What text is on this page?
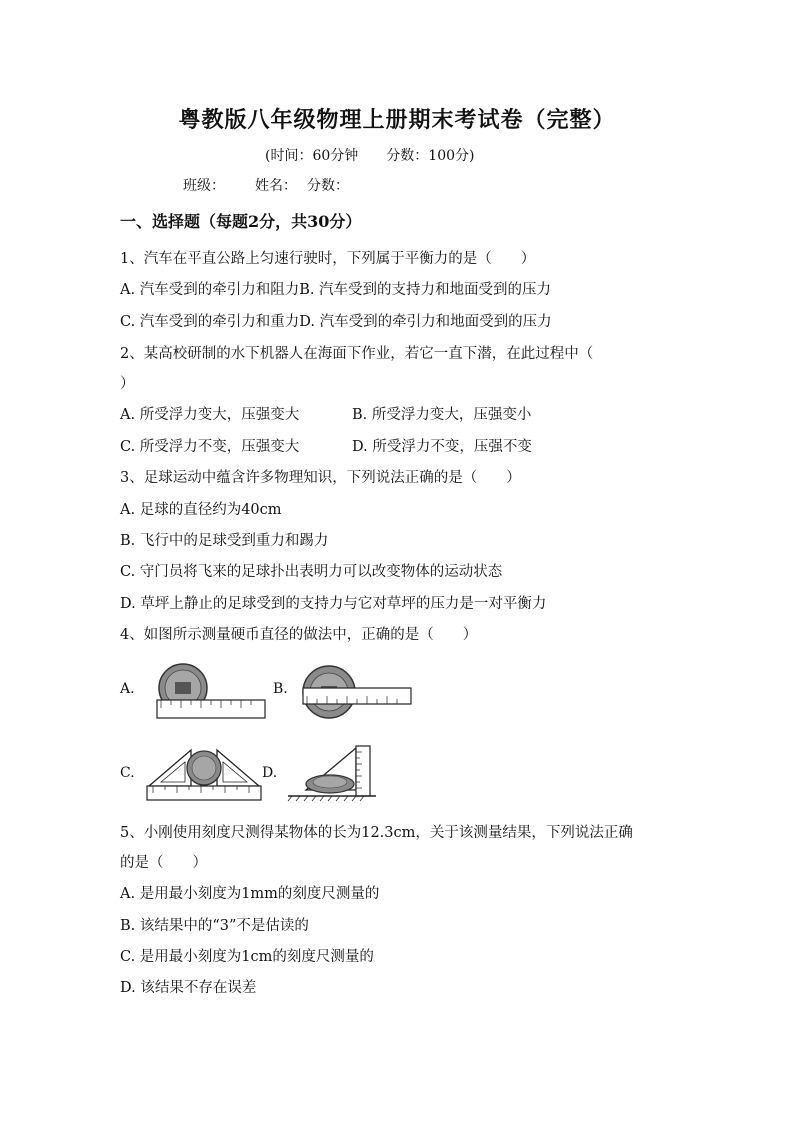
粤教版八年级物理上册期末考试卷（完整）
(时间：60分钟 分数：100分)
班级： 姓名： 分数：
一、选择题（每题2分，共30分）
1、汽车在平直公路上匀速行驶时，下列属于平衡力的是（　　）
A. 汽车受到的牵引力和阻力B. 汽车受到的支持力和地面受到的压力
C. 汽车受到的牵引力和重力D. 汽车受到的牵引力和地面受到的压力
2、某高校研制的水下机器人在海面下作业，若它一直下潜，在此过程中（
）
A. 所受浮力变大，压强变大	B. 所受浮力变大，压强变小
C. 所受浮力不变，压强变大	D. 所受浮力不变，压强不变
3、足球运动中蕴含许多物理知识，下列说法正确的是（　　）
A. 足球的直径约为40cm
B. 飞行中的足球受到重力和踢力
C. 守门员将飞来的足球扑出表明力可以改变物体的运动状态
D. 草坪上静止的足球受到的支持力与它对草坪的压力是一对平衡力
4、如图所示测量硬币直径的做法中，正确的是（　　）
A.	B.
C.	D.
5、小刚使用刻度尺测得某物体的长为12.3cm，关于该测量结果，下列说法正确
的是（　　）
A. 是用最小刻度为1mm的刻度尺测量的
B. 该结果中的“3”不是估读的
C. 是用最小刻度为1cm的刻度尺测量的
D. 该结果不存在误差
